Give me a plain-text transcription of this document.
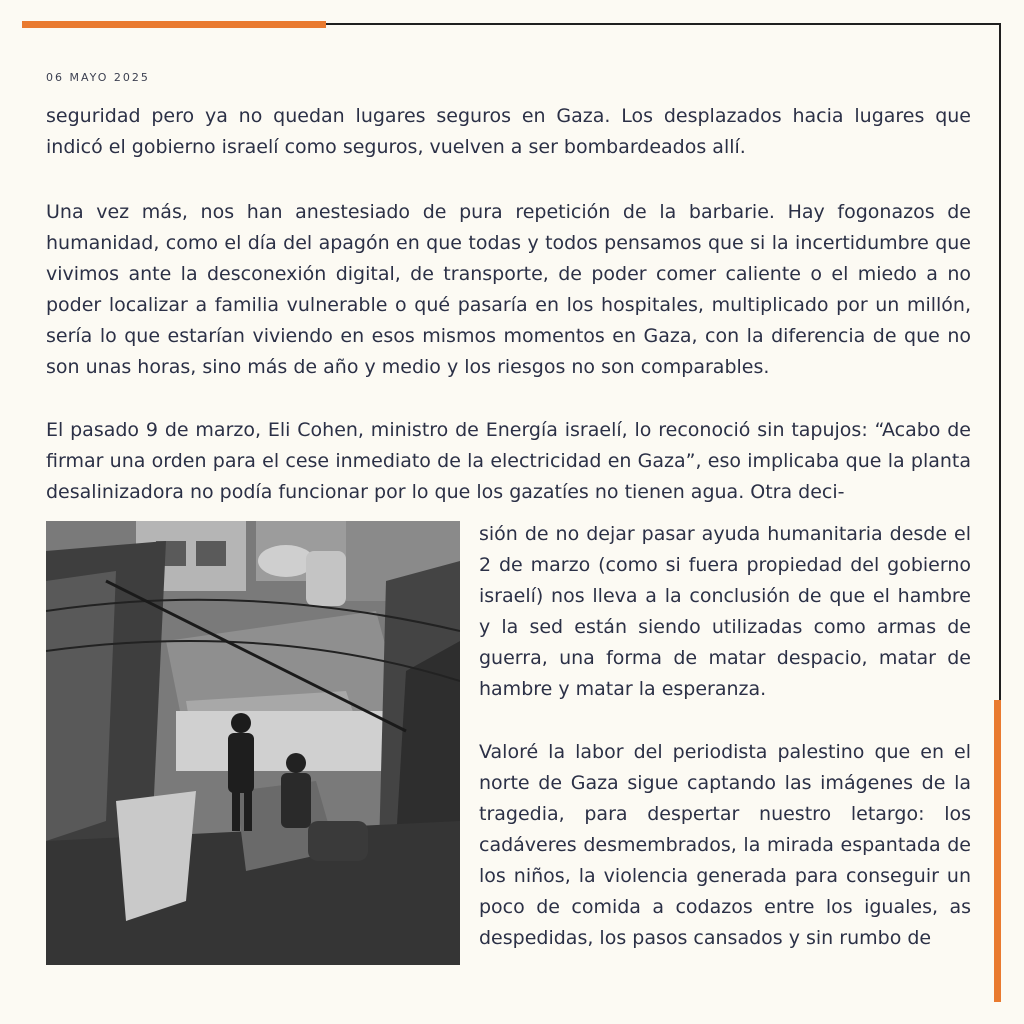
06 MAYO 2025

seguridad pero ya no quedan lugares seguros en Gaza. Los desplazados hacia lugares que indicó el gobierno israelí como seguros, vuelven a ser bombardeados allí.

Una vez más, nos han anestesiado de pura repetición de la barbarie. Hay fogonazos de humanidad, como el día del apagón en que todas y todos pensamos que si la incertidumbre que vivimos ante la desconexión digital, de transporte, de poder comer caliente o el miedo a no poder localizar a familia vulnerable o qué pasaría en los hospitales, multiplicado por un millón, sería lo que estarían viviendo en esos mismos momentos en Gaza, con la diferencia de que no son unas horas, sino más de año y medio y los riesgos no son comparables.

El pasado 9 de marzo, Eli Cohen, ministro de Energía israelí, lo reconoció sin tapujos: “Acabo de firmar una orden para el cese inmediato de la electricidad en Gaza”, eso implicaba que la planta desalinizadora no podía funcionar por lo que los gazatíes no tienen agua. Otra deci-

sión de no dejar pasar ayuda humanitaria desde el 2 de marzo (como si fuera propiedad del gobierno israelí) nos lleva a la conclusión de que el hambre y la sed están siendo utilizadas como armas de guerra, una forma de matar despacio, matar de hambre y matar la esperanza.

Valoré la labor del periodista palestino que en el norte de Gaza sigue captando las imágenes de la tragedia, para despertar nuestro letargo: los cadáveres desmembrados, la mirada espantada de los niños, la violencia generada para conseguir un poco de comida a codazos entre los iguales, as despedidas, los pasos cansados y sin rumbo de
